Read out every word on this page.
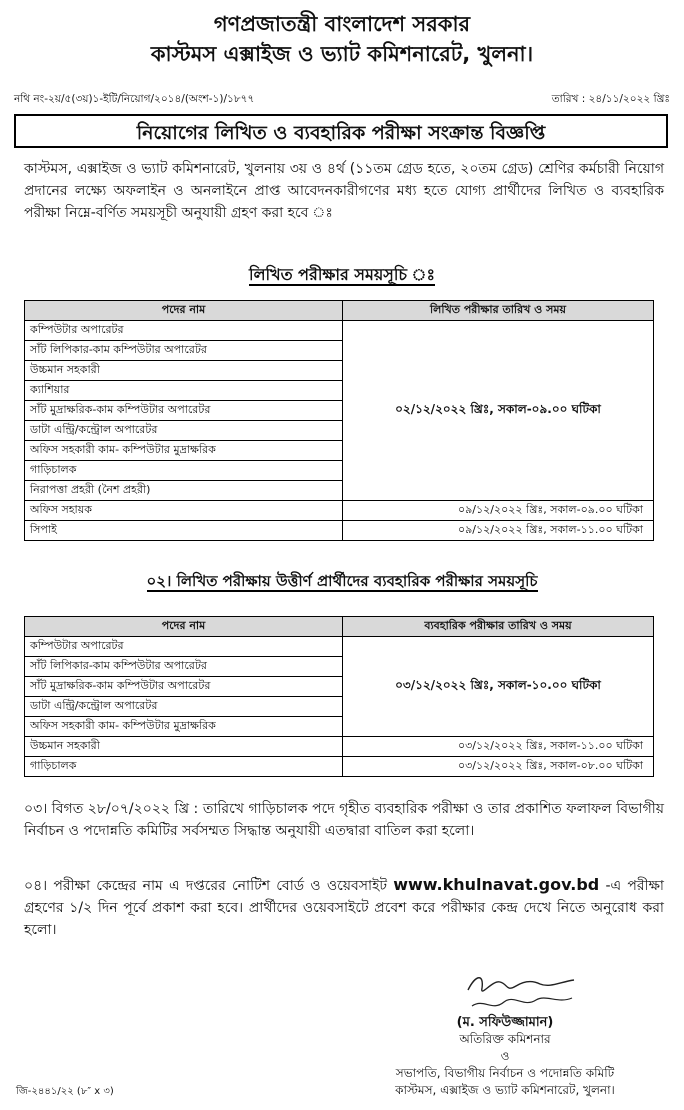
গণপ্রজাতন্ত্রী বাংলাদেশ সরকার
কাস্টমস এক্সাইজ ও ভ্যাট কমিশনারেট, খুলনা।
নথি নং-২য়/৫(৩য়)১-ইটি/নিয়োগ/২০১৪/(অংশ-১)/১৮৭৭	তারিখ : ২৪/১১/২০২২ খ্রিঃ
নিয়োগের লিখিত ও ব্যবহারিক পরীক্ষা সংক্রান্ত বিজ্ঞপ্তি
কাস্টমস, এক্সাইজ ও ভ্যাট কমিশনারেট, খুলনায় ৩য় ও ৪র্থ (১১তম গ্রেড হতে, ২০তম গ্রেড) শ্রেণির কর্মচারী নিয়োগ প্রদানের লক্ষ্যে অফলাইন ও অনলাইনে প্রাপ্ত আবেদনকারীগণের মধ্য হতে যোগ্য প্রার্থীদের লিখিত ও ব্যবহারিক পরীক্ষা নিম্নে-বর্ণিত সময়সূচী অনুযায়ী গ্রহণ করা হবে ঃ
লিখিত পরীক্ষার সময়সূচি ঃ
পদের নাম	লিখিত পরীক্ষার তারিখ ও সময়
কম্পিউটার অপারেটর	০২/১২/২০২২ খ্রিঃ, সকাল-০৯.০০ ঘটিকা
সাঁট লিপিকার-কাম কম্পিউটার অপারেটর	
উচ্চমান সহকারী	
ক্যাশিয়ার	
সাঁট মুদ্রাক্ষরিক-কাম কম্পিউটার অপারেটর	
ডাটা এন্ট্রি/কন্ট্রোল অপারেটর	
অফিস সহকারী কাম- কম্পিউটার মুদ্রাক্ষরিক	
গাড়িচালক	
নিরাপত্তা প্রহরী (নৈশ প্রহরী)	
অফিস সহায়ক	০৯/১২/২০২২ খ্রিঃ, সকাল-০৯.০০ ঘটিকা
সিপাই	০৯/১২/২০২২ খ্রিঃ, সকাল-১১.০০ ঘটিকা
০২। লিখিত পরীক্ষায় উত্তীর্ণ প্রার্থীদের ব্যবহারিক পরীক্ষার সময়সূচি
পদের নাম	ব্যবহারিক পরীক্ষার তারিখ ও সময়
কম্পিউটার অপারেটর	০৩/১২/২০২২ খ্রিঃ, সকাল-১০.০০ ঘটিকা
সাঁট লিপিকার-কাম কম্পিউটার অপারেটর	
সাঁট মুদ্রাক্ষরিক-কাম কম্পিউটার অপারেটর	
ডাটা এন্ট্রি/কন্ট্রোল অপারেটর	
অফিস সহকারী কাম- কম্পিউটার মুদ্রাক্ষরিক	
উচ্চমান সহকারী	০৩/১২/২০২২ খ্রিঃ, সকাল-১১.০০ ঘটিকা
গাড়িচালক	০৩/১২/২০২২ খ্রিঃ, সকাল-০৮.০০ ঘটিকা
০৩। বিগত ২৮/০৭/২০২২ খ্রি : তারিখে গাড়িচালক পদে গৃহীত ব্যবহারিক পরীক্ষা ও তার প্রকাশিত ফলাফল বিভাগীয় নির্বাচন ও পদোন্নতি কমিটির সর্বসম্মত সিদ্ধান্ত অনুযায়ী এতদ্বারা বাতিল করা হলো।
০৪। পরীক্ষা কেন্দ্রের নাম এ দপ্তরের নোটিশ বোর্ড ও ওয়েবসাইট www.khulnavat.gov.bd -এ পরীক্ষা গ্রহণের ১/২ দিন পূর্বে প্রকাশ করা হবে। প্রার্থীদের ওয়েবসাইটে প্রবেশ করে পরীক্ষার কেন্দ্র দেখে নিতে অনুরোধ করা হলো।
(ম. সফিউজ্জামান)
অতিরিক্ত কমিশনার
ও
সভাপতি, বিভাগীয় নির্বাচন ও পদোন্নতি কমিটি
কাস্টমস, এক্সাইজ ও ভ্যাট কমিশনারেট, খুলনা।
জি-২৪৪১/২২ (৮″ x ৩)
